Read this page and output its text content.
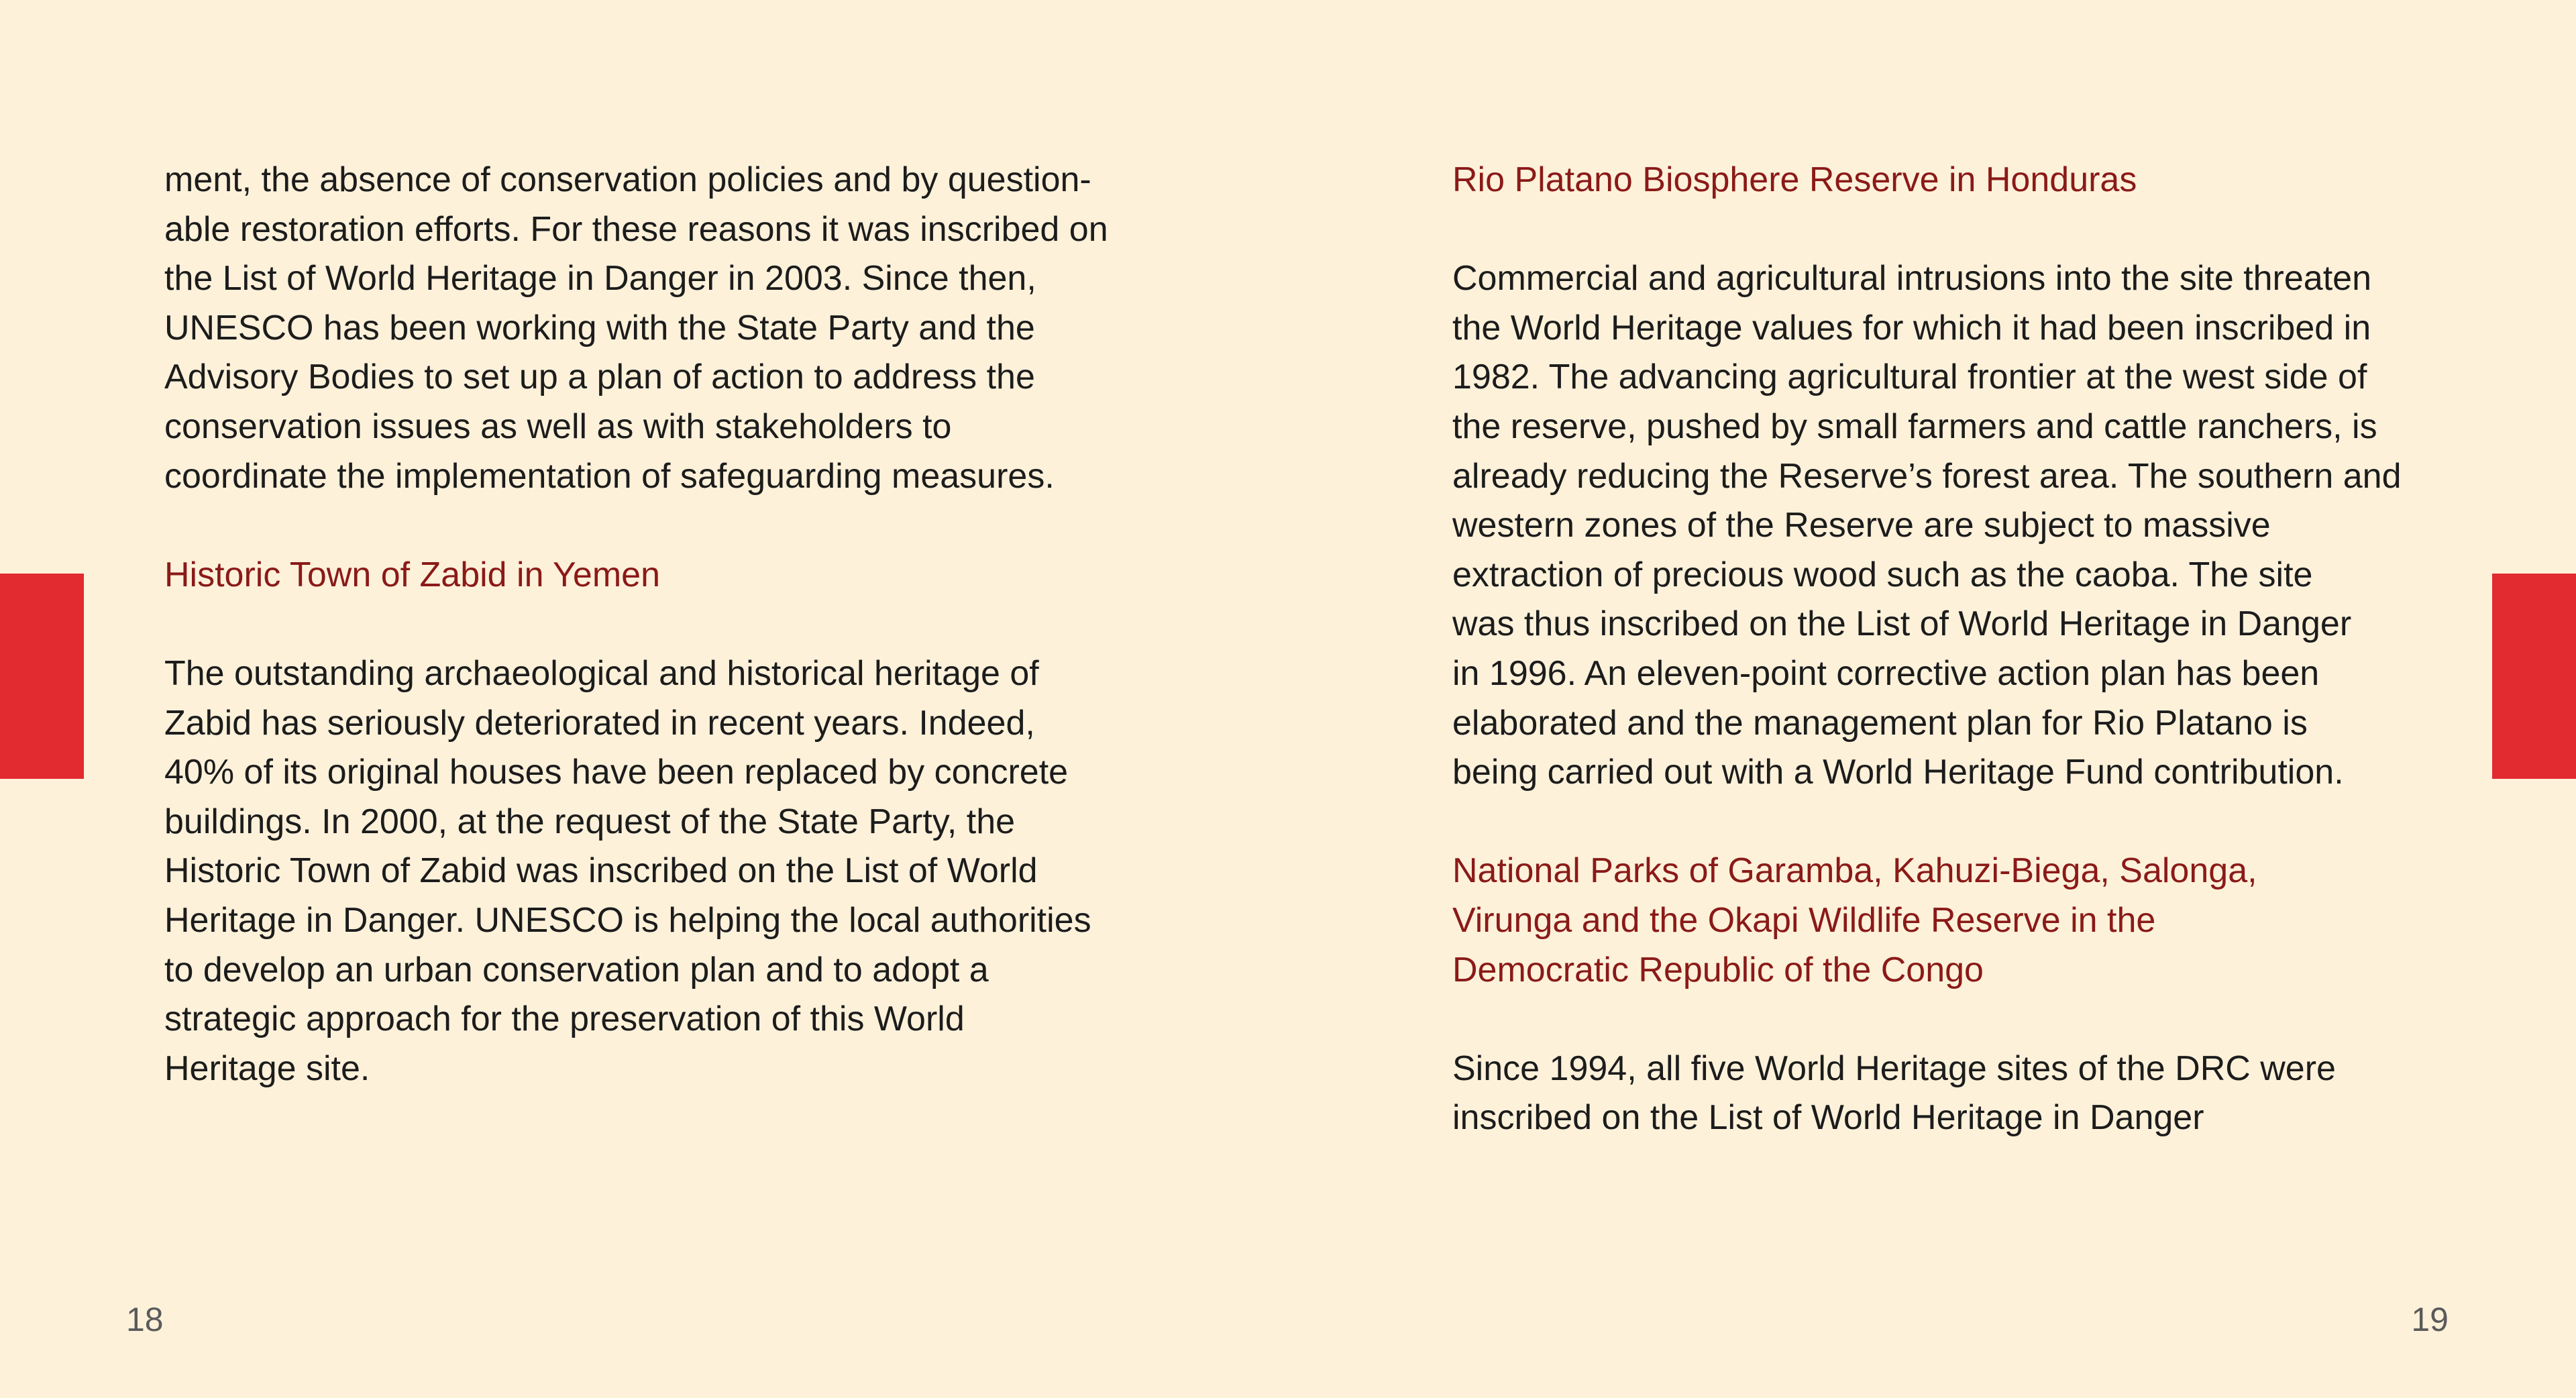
ment, the absence of conservation policies and by question-
able restoration efforts. For these reasons it was inscribed on
the List of World Heritage in Danger in 2003. Since then,
UNESCO has been working with the State Party and the
Advisory Bodies to set up a plan of action to address the
conservation issues as well as with stakeholders to
coordinate the implementation of safeguarding measures.
Historic Town of Zabid in Yemen
The outstanding archaeological and historical heritage of
Zabid has seriously deteriorated in recent years. Indeed,
40% of its original houses have been replaced by concrete
buildings. In 2000, at the request of the State Party, the
Historic Town of Zabid was inscribed on the List of World
Heritage in Danger. UNESCO is helping the local authorities
to develop an urban conservation plan and to adopt a
strategic approach for the preservation of this World
Heritage site.
Rio Platano Biosphere Reserve in Honduras
Commercial and agricultural intrusions into the site threaten
the World Heritage values for which it had been inscribed in
1982. The advancing agricultural frontier at the west side of
the reserve, pushed by small farmers and cattle ranchers, is
already reducing the Reserve’s forest area. The southern and
western zones of the Reserve are subject to massive
extraction of precious wood such as the caoba. The site
was thus inscribed on the List of World Heritage in Danger
in 1996. An eleven-point corrective action plan has been
elaborated and the management plan for Rio Platano is
being carried out with a World Heritage Fund contribution.
National Parks of Garamba, Kahuzi-Biega, Salonga,
Virunga and the Okapi Wildlife Reserve in the
Democratic Republic of the Congo
Since 1994, all five World Heritage sites of the DRC were
inscribed on the List of World Heritage in Danger
18	19
